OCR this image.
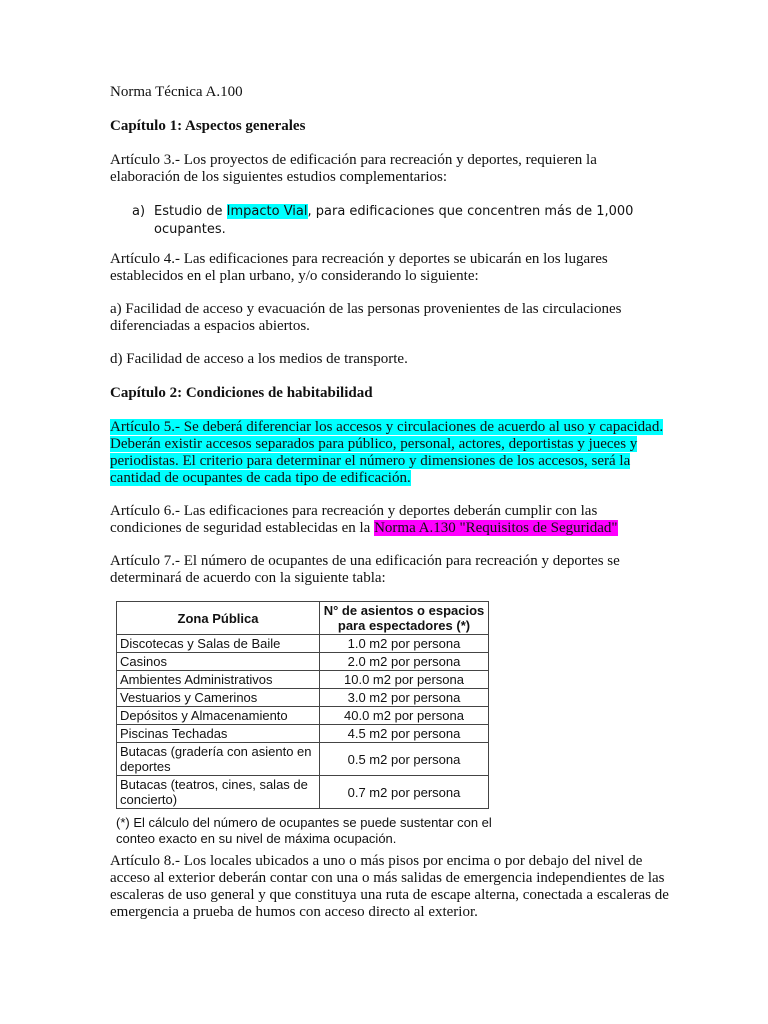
Norma Técnica A.100

Capítulo 1: Aspectos generales

Artículo 3.- Los proyectos de edificación para recreación y deportes, requieren la elaboración de los siguientes estudios complementarios:

a) Estudio de Impacto Vial, para edificaciones que concentren más de 1,000 ocupantes.

Artículo 4.- Las edificaciones para recreación y deportes se ubicarán en los lugares establecidos en el plan urbano, y/o considerando lo siguiente:

a) Facilidad de acceso y evacuación de las personas provenientes de las circulaciones diferenciadas a espacios abiertos.

d) Facilidad de acceso a los medios de transporte.

Capítulo 2: Condiciones de habitabilidad

Artículo 5.- Se deberá diferenciar los accesos y circulaciones de acuerdo al uso y capacidad. Deberán existir accesos separados para público, personal, actores, deportistas y jueces y periodistas. El criterio para determinar el número y dimensiones de los accesos, será la cantidad de ocupantes de cada tipo de edificación.

Artículo 6.- Las edificaciones para recreación y deportes deberán cumplir con las condiciones de seguridad establecidas en la Norma A.130 "Requisitos de Seguridad"

Artículo 7.- El número de ocupantes de una edificación para recreación y deportes se determinará de acuerdo con la siguiente tabla:

Zona Pública	N° de asientos o espacios para espectadores (*)
Discotecas y Salas de Baile	1.0 m2 por persona
Casinos	2.0 m2 por persona
Ambientes Administrativos	10.0 m2 por persona
Vestuarios y Camerinos	3.0 m2 por persona
Depósitos y Almacenamiento	40.0 m2 por persona
Piscinas Techadas	4.5 m2 por persona
Butacas (gradería con asiento en deportes	0.5 m2 por persona
Butacas (teatros, cines, salas de concierto)	0.7 m2 por persona

(*) El cálculo del número de ocupantes se puede sustentar con el conteo exacto en su nivel de máxima ocupación.

Artículo 8.- Los locales ubicados a uno o más pisos por encima o por debajo del nivel de acceso al exterior deberán contar con una o más salidas de emergencia independientes de las escaleras de uso general y que constituya una ruta de escape alterna, conectada a escaleras de emergencia a prueba de humos con acceso directo al exterior.
